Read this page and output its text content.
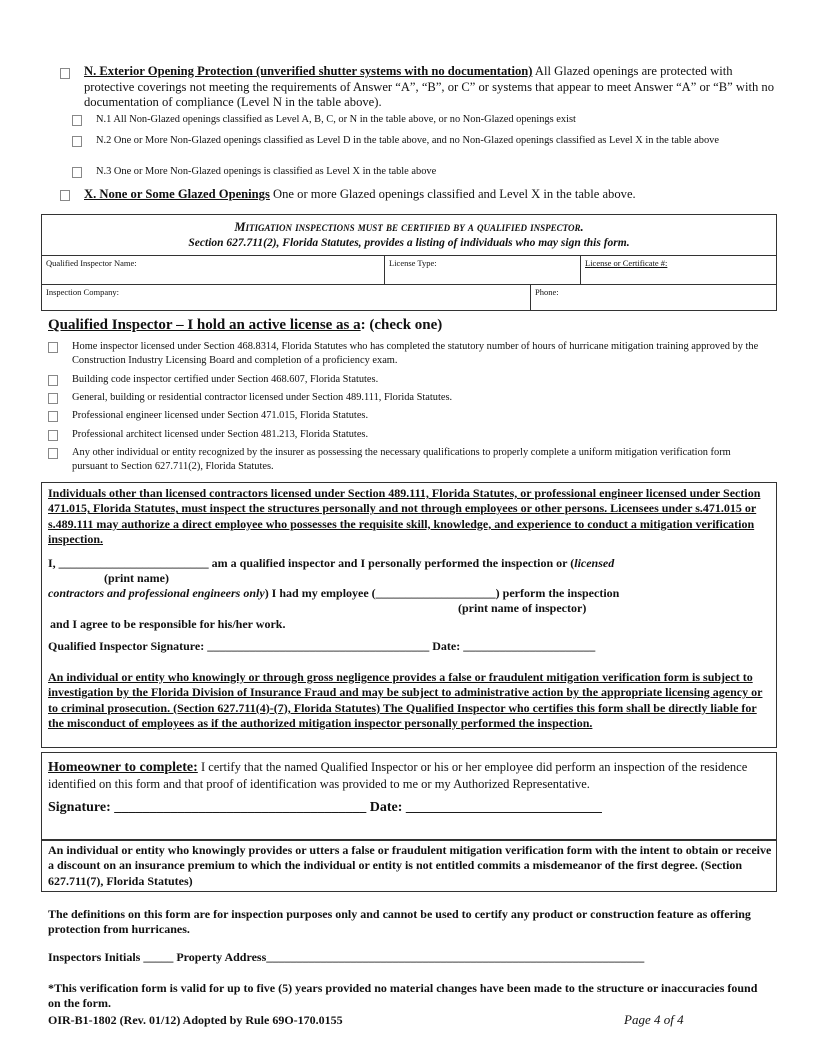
N. Exterior Opening Protection (unverified shutter systems with no documentation) All Glazed openings are protected with protective coverings not meeting the requirements of Answer “A”, “B”, or C” or systems that appear to meet Answer “A” or “B” with no documentation of compliance (Level N in the table above).
N.1 All Non-Glazed openings classified as Level A, B, C, or N in the table above, or no Non-Glazed openings exist
N.2 One or More Non-Glazed openings classified as Level D in the table above, and no Non-Glazed openings classified as Level X in the table above
N.3 One or More Non-Glazed openings is classified as Level X in the table above
X. None or Some Glazed Openings One or more Glazed openings classified and Level X in the table above.
Mitigation inspections must be certified by a qualified inspector.
Section 627.711(2), Florida Statutes, provides a listing of individuals who may sign this form.
Qualified Inspector Name:	License Type:	License or Certificate #:
Inspection Company:	Phone:
Qualified Inspector – I hold an active license as a: (check one)
Home inspector licensed under Section 468.8314, Florida Statutes who has completed the statutory number of hours of hurricane mitigation training approved by the Construction Industry Licensing Board and completion of a proficiency exam.
Building code inspector certified under Section 468.607, Florida Statutes.
General, building or residential contractor licensed under Section 489.111, Florida Statutes.
Professional engineer licensed under Section 471.015, Florida Statutes.
Professional architect licensed under Section 481.213, Florida Statutes.
Any other individual or entity recognized by the insurer as possessing the necessary qualifications to properly complete a uniform mitigation verification form pursuant to Section 627.711(2), Florida Statutes.
Individuals other than licensed contractors licensed under Section 489.111, Florida Statutes, or professional engineer licensed under Section 471.015, Florida Statutes, must inspect the structures personally and not through employees or other persons. Licensees under s.471.015 or s.489.111 may authorize a direct employee who possesses the requisite skill, knowledge, and experience to conduct a mitigation verification inspection.
I, _________________________ am a qualified inspector and I personally performed the inspection or (licensed
(print name)
contractors and professional engineers only) I had my employee (____________________) perform the inspection
(print name of inspector)
and I agree to be responsible for his/her work.
Qualified Inspector Signature: _____________________________________ Date: ______________________
An individual or entity who knowingly or through gross negligence provides a false or fraudulent mitigation verification form is subject to investigation by the Florida Division of Insurance Fraud and may be subject to administrative action by the appropriate licensing agency or to criminal prosecution. (Section 627.711(4)-(7), Florida Statutes) The Qualified Inspector who certifies this form shall be directly liable for the misconduct of employees as if the authorized mitigation inspector personally performed the inspection.
Homeowner to complete: I certify that the named Qualified Inspector or his or her employee did perform an inspection of the residence identified on this form and that proof of identification was provided to me or my Authorized Representative.
Signature: ____________________________________ Date: ____________________________
An individual or entity who knowingly provides or utters a false or fraudulent mitigation verification form with the intent to obtain or receive a discount on an insurance premium to which the individual or entity is not entitled commits a misdemeanor of the first degree. (Section 627.711(7), Florida Statutes)
The definitions on this form are for inspection purposes only and cannot be used to certify any product or construction feature as offering protection from hurricanes.
Inspectors Initials _____ Property Address_______________________________________________________________
*This verification form is valid for up to five (5) years provided no material changes have been made to the structure or inaccuracies found on the form.
OIR-B1-1802 (Rev. 01/12) Adopted by Rule 69O-170.0155	Page 4 of 4
